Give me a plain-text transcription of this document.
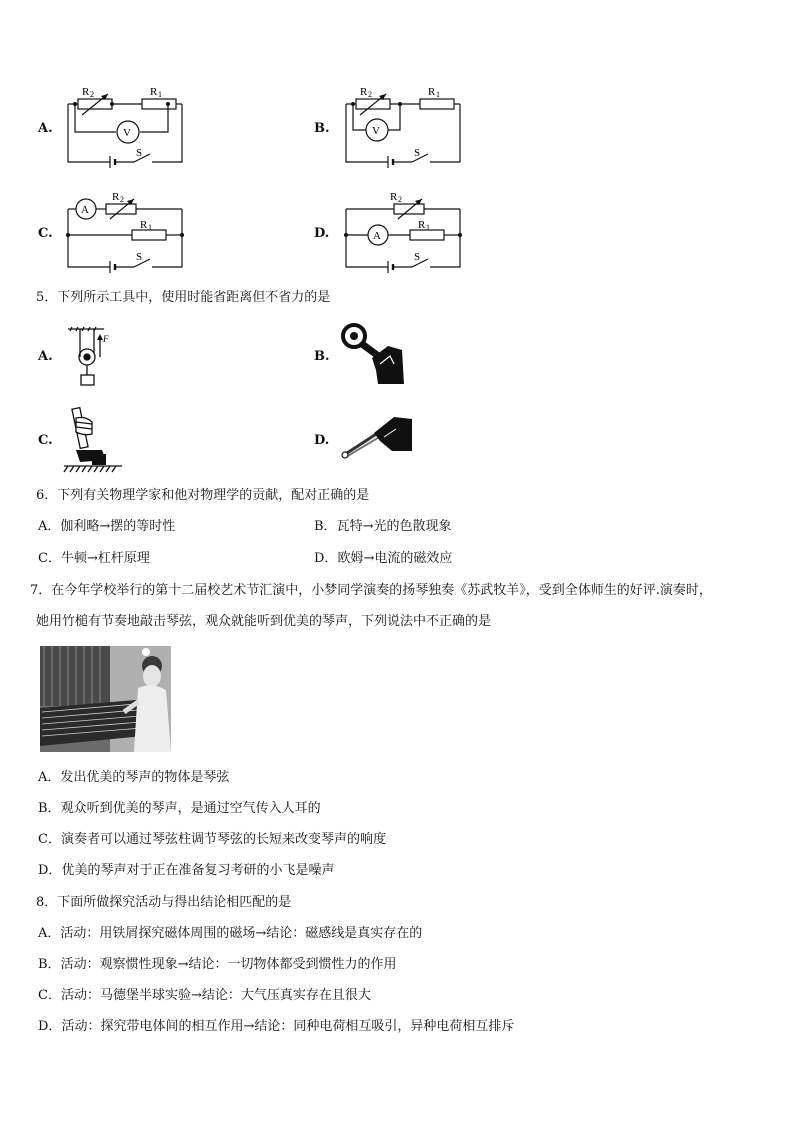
A.	B.
C.	D.
R 2	R 1
V
S
R 2	R 1
V
S
A
R 2
R 1
S
A
R 2
R 1
S
5．下列所示工具中，使用时能省距离但不省力的是
A.	B.
C.	D.
F
6．下列有关物理学家和他对物理学的贡献，配对正确的是
A．伽利略→摆的等时性	B．瓦特→光的色散现象
C．牛顿→杠杆原理	D．欧姆→电流的磁效应
7．在今年学校举行的第十二届校艺术节汇演中，小梦同学演奏的扬琴独奏《苏武牧羊》，受到全体师生的好评.演奏时，
她用竹槌有节奏地敲击琴弦，观众就能听到优美的琴声，下列说法中不正确的是
A．发出优美的琴声的物体是琴弦
B．观众听到优美的琴声，是通过空气传入人耳的
C．演奏者可以通过琴弦柱调节琴弦的长短来改变琴声的响度
D．优美的琴声对于正在准备复习考研的小飞是噪声
8．下面所做探究活动与得出结论相匹配的是
A．活动：用铁屑探究磁体周围的磁场→结论：磁感线是真实存在的
B．活动：观察惯性现象→结论：一切物体都受到惯性力的作用
C．活动：马德堡半球实验→结论：大气压真实存在且很大
D．活动：探究带电体间的相互作用→结论：同种电荷相互吸引，异种电荷相互排斥
